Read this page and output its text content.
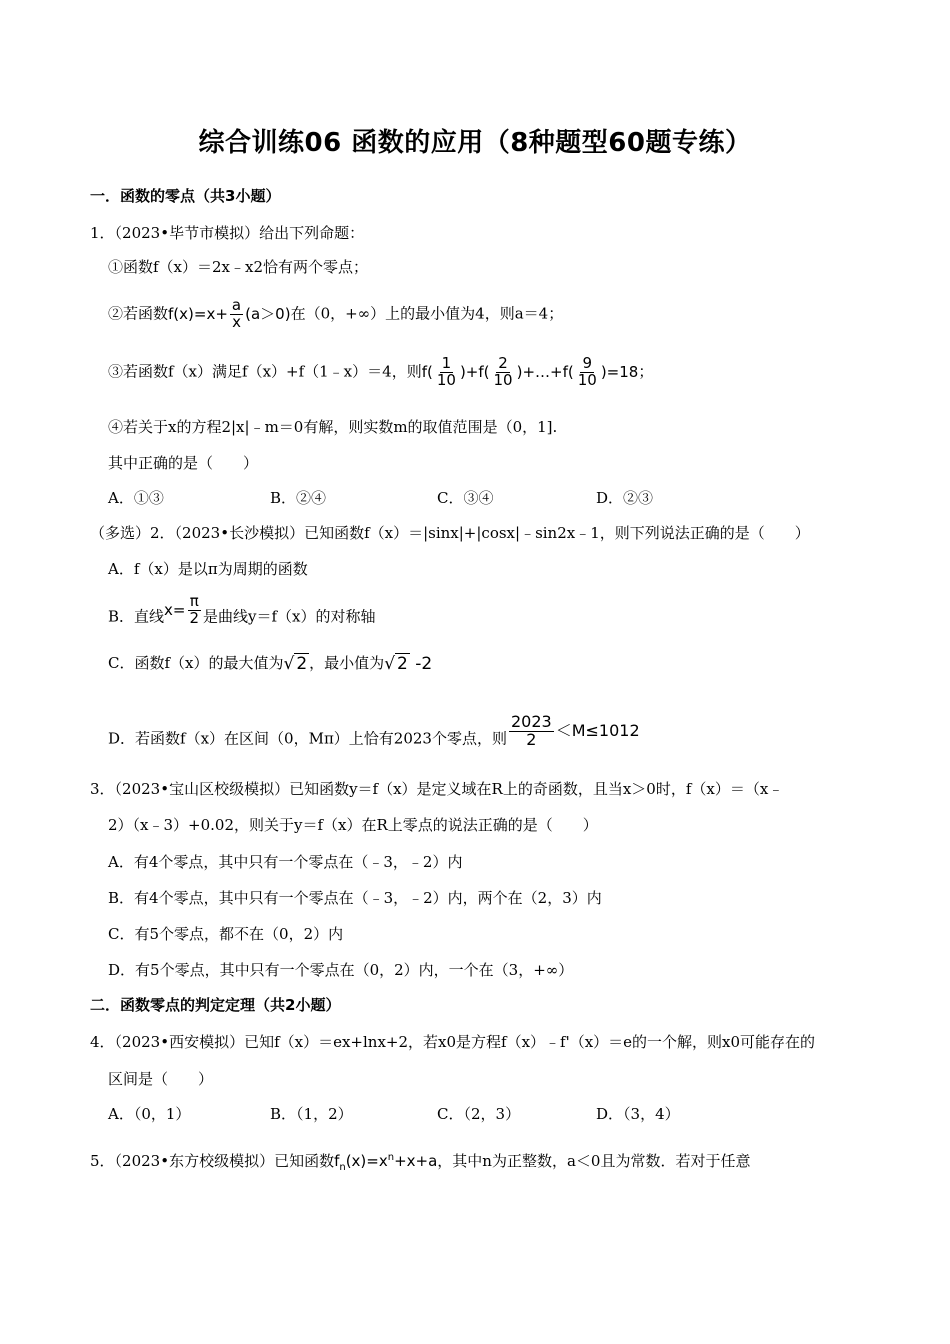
综合训练06 函数的应用（8种题型60题专练）
一．函数的零点（共3小题）
1．（2023•毕节市模拟）给出下列命题：
①函数f（x）＝2x﹣x2恰有两个零点；
②若函数$f(x)=x+ \frac{a}{x} (a>0)$在（0，+∞）上的最小值为4，则a＝4；
③若函数f（x）满足f（x）+f（1﹣x）＝4，则$f( \frac{1}{10} )+f( \frac{2}{10}$ )+…+f( $\frac{9}{10} )=18$；
④若关于x的方程2|x|﹣m＝0有解，则实数m的取值范围是（0，1].
其中正确的是（　　）
A．①③	B．②④	C．③④	D．②③
（多选）2．（2023•长沙模拟）已知函数f（x）＝|sinx|+|cosx|﹣sin2x﹣1，则下列说法正确的是（　　）
A．f（x）是以π为周期的函数
B．直线$x= \frac{\pi}{2}$ 是曲线y＝f（x）的对称轴
C．函数f（x）的最大值为√ 2 ，最小值为√ 2 -2
D．若函数f（x）在区间（0，Mπ）上恰有2023个零点，则 $\frac{2023}{2} <M\le 1012$
3．（2023•宝山区校级模拟）已知函数y＝f（x）是定义域在R上的奇函数，且当x＞0时，f（x）＝（x﹣
2）（x﹣3）+0.02，则关于y＝f（x）在R上零点的说法正确的是（　　）
A．有4个零点，其中只有一个零点在（﹣3，﹣2）内
B．有4个零点，其中只有一个零点在（﹣3，﹣2）内，两个在（2，3）内
C．有5个零点，都不在（0，2）内
D．有5个零点，其中只有一个零点在（0，2）内，一个在（3，+∞）
二．函数零点的判定定理（共2小题）
4．（2023•西安模拟）已知f（x）＝ex+lnx+2，若x0是方程f（x）﹣f'（x）＝e的一个解，则x0可能存在的
区间是（　　）
A．（0，1）	B．（1，2）	C．（2，3）	D．（3，4）
5．（2023•东方校级模拟）已知函数$f_n(x)=x^n+x+a$，其中n为正整数，a＜0且为常数．若对于任意
